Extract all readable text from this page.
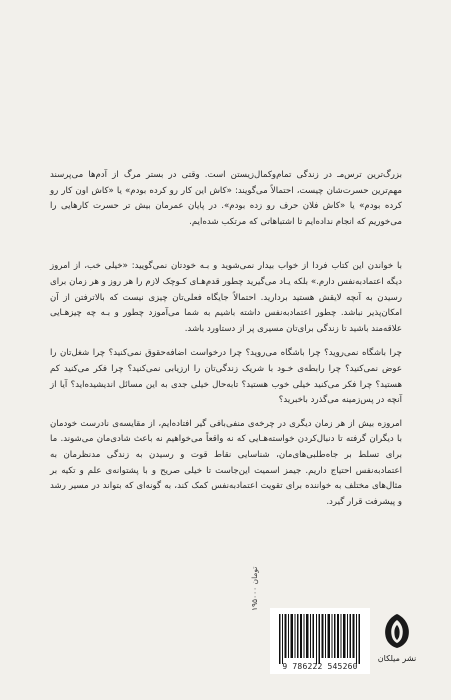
بزرگ‌ترین ترس‌مـ در زندگی تمام‌وکمال‌زیستن است. وقتی در بستر مرگ از آدم‌ها می‌پرسند مهم‌ترین حسرت‌شان چیست، احتمالاً می‌گویند: «کاش این کار رو کرده بودم» یا «کاش اون کار رو کرده بودم» یا «کاش فلان حرف رو زده بودم». در پایان عمرمان بیش تر حسرت کارهایی را می‌خوریم که انجام نداده‌ایم تا اشتباهاتی که مرتکب شده‌ایم.

با خواندن این کتاب فردا از خواب بیدار نمی‌شوید و بـه خودتان نمی‌گویید: «خیلی خب، از امروز دیگه اعتمادبه‌نفس دارم.» بلکه یـاد می‌گیرید چطور قدم‌هـای کـوچک لازم را هر روز و هر زمان برای رسیدن به آنچه لایقش هستید بردارید. احتمالاً جایگاه فعلی‌تان چیزی نیست که بالاترفتن از آن امکان‌پذیر نباشد. چطور اعتمادبه‌نفس داشته باشیم به شما می‌آموزد چطور و بـه چه چیزهـایی علاقه‌مند باشید تا زندگی برای‌تان مسیری پر از دستاورد باشد.

چرا باشگاه نمی‌روید؟ چرا باشگاه می‌روید؟ چرا درخواست اضافه‌حقوق نمی‌کنید؟ چرا شغل‌تان را عوض نمی‌کنید؟ چرا رابطه‌ی خـود با شریک زندگی‌تان را ارزیابی نمی‌کنید؟ چرا فکر می‌کنید کم هستید؟ چرا فکر می‌کنید خیلی خوب هستید؟ تابه‌حال خیلی جدی به این مسائل اندیشیده‌اید؟ آیا از آنچه در پس‌زمینه می‌گذرد باخبرید؟

امروزه بیش از هر زمان دیگری در چرخه‌ی منفی‌بافی گیر افتاده‌ایم، از مقایسه‌ی نادرست خودمان با دیگران گرفته تا دنبال‌کردن خواسته‌هـایی که نه واقعاً می‌خواهیم نه باعث شادی‌مان می‌شوند. ما برای تسلط بر جاه‌طلبی‌های‌مان، شناسایی نقاط قوت و رسیدن به زندگی مدنظرمان به اعتمادبه‌نفس احتیاج داریم. جیمز اسمیت این‌جاست تا خیلی صریح و با پشتوانه‌ی علم و تکیه بر مثال‌های مختلف به خواننده برای تقویت اعتمادبه‌نفس کمک کند، به گونه‌ای که بتواند در مسیر رشد و پیشرفت قرار گیرد.

۱۹۵۰۰۰ تومان
9 786222 545260
نشر میلکان
